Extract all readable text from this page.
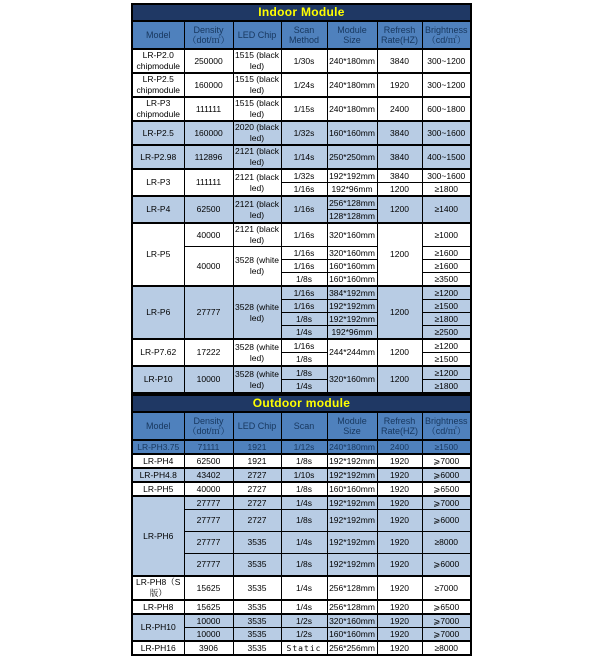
Indoor Module
Model	Density（dot/㎡）	LED Chip	Scan Method	Module Size	Refresh Rate(HZ)	Brightness（cd/㎡）
LR-P2.0 chipmodule	250000	1515 (black led)	1/30s	240*180mm	3840	300~1200
LR-P2.5 chipmodule	160000	1515 (black led)	1/24s	240*180mm	1920	300~1200
LR-P3 chipmodule	111111	1515 (black led)	1/15s	240*180mm	2400	600~1800
LR-P2.5	160000	2020 (black led)	1/32s	160*160mm	3840	300~1600
LR-P2.98	112896	2121 (black led)	1/14s	250*250mm	3840	400~1500
LR-P3	111111	2121 (black led)	1/32s	192*192mm	3840	300~1600
			1/16s	192*96mm	1200	≥1800
LR-P4	62500	2121 (black led)	1/16s	256*128mm	1200	≥1400
				128*128mm		
LR-P5	40000	2121 (black led)	1/16s	320*160mm	1200	≥1000
	40000	3528 (white led)	1/16s	320*160mm		≥1600
			1/16s	160*160mm		≥1600
			1/8s	160*160mm		≥3500
LR-P6	27777	3528 (white led)	1/16s	384*192mm	1200	≥1200
			1/16s	192*192mm		≥1500
			1/8s	192*192mm		≥1800
			1/4s	192*96mm		≥2500
LR-P7.62	17222	3528 (white led)	1/16s	244*244mm	1200	≥1200
			1/8s			≥1500
LR-P10	10000	3528 (white led)	1/8s	320*160mm	1200	≥1200
			1/4s			≥1800
Outdoor module
Model	Density（dot/㎡）	LED Chip	Scan	Module Size	Refresh Rate(HZ)	Brightness（cd/㎡）
LR-PH3.75	71111	1921	1/12s	240*180mm	2400	≥1500
LR-PH4	62500	1921	1/8s	192*192mm	1920	⩾7000
LR-PH4.8	43402	2727	1/10s	192*192mm	1920	⩾6000
LR-PH5	40000	2727	1/8s	160*160mm	1920	⩾6500
LR-PH6	27777	2727	1/4s	192*192mm	1920	⩾7000
	27777	2727	1/8s	192*192mm	1920	⩾6000
	27777	3535	1/4s	192*192mm	1920	≥8000
	27777	3535	1/8s	192*192mm	1920	⩾6000
LR-PH8（S版）	15625	3535	1/4s	256*128mm	1920	≥7000
LR-PH8	15625	3535	1/4s	256*128mm	1920	⩾6500
LR-PH10	10000	3535	1/2s	320*160mm	1920	⩾7000
	10000	3535	1/2s	160*160mm	1920	⩾7000
LR-PH16	3906	3535	Static	256*256mm	1920	≥8000
